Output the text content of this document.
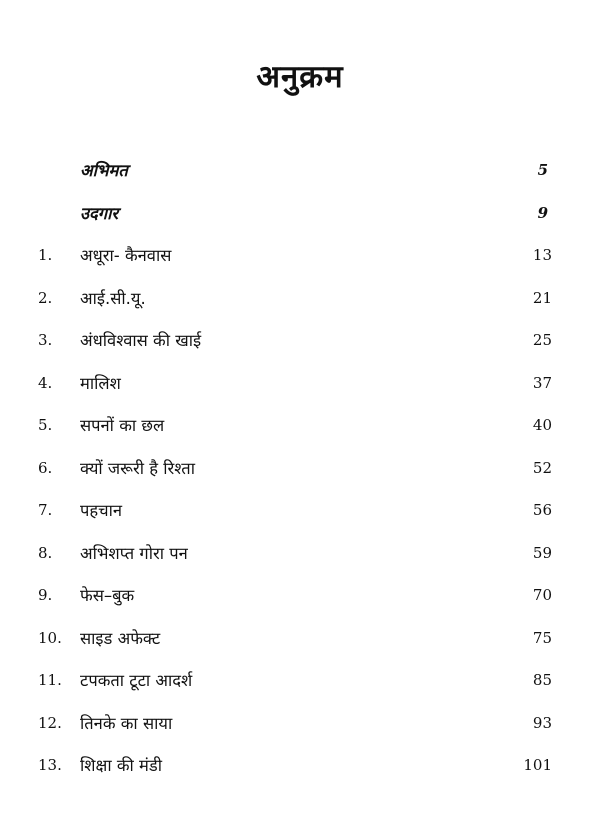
अनुक्रम
अभिमत	5
उदगार	9
1. अधूरा- कैनवास	13
2. आई.सी.यू.	21
3. अंधविश्वास की खाई	25
4. मालिश	37
5. सपनों का छल	40
6. क्यों जरूरी है रिश्ता	52
7. पहचान	56
8. अभिशप्त गोरा पन	59
9. फेस–बुक	70
10. साइड अफेक्ट	75
11. टपकता टूटा आदर्श	85
12. तिनके का साया	93
13. शिक्षा की मंडी	101
